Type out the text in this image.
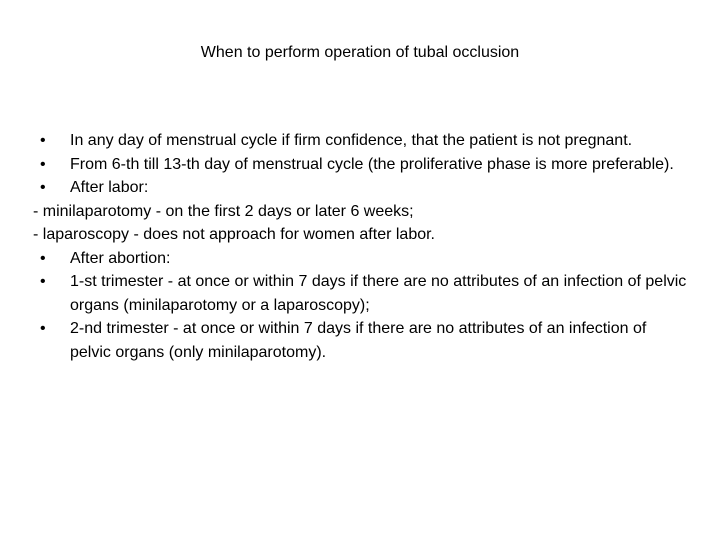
When to perform operation of tubal occlusion
•	In any day of menstrual cycle if firm confidence, that the patient is not pregnant.
•	From 6-th till 13-th day of menstrual cycle (the proliferative phase is more preferable).
•	After labor:
- minilaparotomy - on the first 2 days or later 6 weeks;
- laparoscopy - does not approach for women after labor.
•	After abortion:
•	1-st trimester - at once or within 7 days if there are no attributes of an infection of pelvic organs (minilaparotomy or a laparoscopy);
•	2-nd trimester - at once or within 7 days if there are no attributes of an infection of pelvic organs (only minilaparotomy).
